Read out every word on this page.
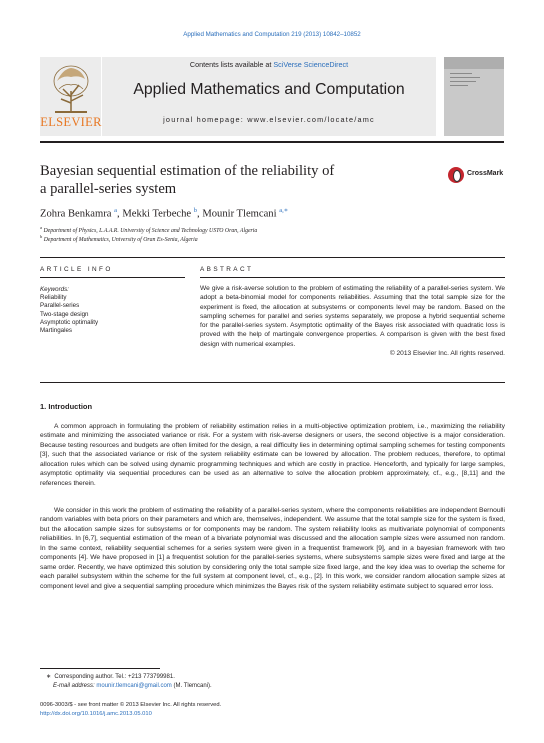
Applied Mathematics and Computation 219 (2013) 10842–10852
ELSEVIER
Contents lists available at SciVerse ScienceDirect
Applied Mathematics and Computation
journal homepage: www.elsevier.com/locate/amc
Bayesian sequential estimation of the reliability of
a parallel-series system
CrossMark
Zohra Benkamra $^a$, Mekki Terbeche $^b$, Mounir Tlemcani $^{a,∗}$
$^a$ Department of Physics, L.A.A.R. University of Science and Technology USTO Oran, Algeria
$^b$ Department of Mathematics, University of Oran Es-Senia, Algeria
ARTICLE INFO	ABSTRACT
Keywords:
Reliability
Parallel-series
Two-stage design
Asymptotic optimality
Martingales
We give a risk-averse solution to the problem of estimating the reliability of a parallel-series system. We adopt a beta-binomial model for components reliabilities. Assuming that the total sample size for the experiment is fixed, the allocation at subsystems or components level may be random. Based on the sampling schemes for parallel and series systems separately, we propose a hybrid sequential scheme for the parallel-series system. Asymptotic optimality of the Bayes risk associated with quadratic loss is proved with the help of martingale convergence properties. A comparison is given with the best fixed design with numerical examples.
© 2013 Elsevier Inc. All rights reserved.
1. Introduction
A common approach in formulating the problem of reliability estimation relies in a multi-objective optimization problem, i.e., maximizing the reliability estimate and minimizing the associated variance or risk. For a system with risk-averse designers or users, the second objective is a major consideration. Because testing resources and budgets are often limited for the design, a real difficulty lies in determining optimal sampling schemes for testing components [3], such that the associated variance or risk of the system reliability estimate can be lowered by allocation. The problem reduces, therefore, to optimal allocation rules which can be solved using dynamic programming techniques and which are costly in practice. Henceforth, and typically for large samples, asymptotic optimality via sequential procedures can be used as an alternative to solve the allocation problem approximately, cf., e.g., [8,11] and the references therein.
We consider in this work the problem of estimating the reliability of a parallel-series system, where the components reliabilities are independent Bernoulli random variables with beta priors on their parameters and which are, themselves, independent. We assume that the total sample size for the system is fixed, but the allocation sample sizes for subsystems or for components may be random. The system reliability looks as multivariate polynomial of components reliabilities. In [6,7], sequential estimation of the mean of a bivariate polynomial was discussed and the allocation sample sizes were assumed non random. In the same context, reliability sequential schemes for a series system were given in a frequentist framework [9], and in a bayesian framework with two components [4]. We have proposed in [1] a frequentist solution for the parallel-series systems, where subsystems sample sizes were fixed and large at the same order. Recently, we have optimized this solution by considering only the total sample size fixed large, and the key idea was to overlap the scheme for each parallel subsystem within the scheme for the full system at component level, cf., e.g., [2]. In this work, we consider random allocation sample sizes at component level and give a sequential sampling procedure which minimizes the Bayes risk of the system reliability estimate subject to squared error loss.
∗ Corresponding author. Tel.: +213 773799981.
E-mail address: mounir.tlemcani@gmail.com (M. Tlemcani).
0096-3003/$ - see front matter © 2013 Elsevier Inc. All rights reserved.
http://dx.doi.org/10.1016/j.amc.2013.05.010
